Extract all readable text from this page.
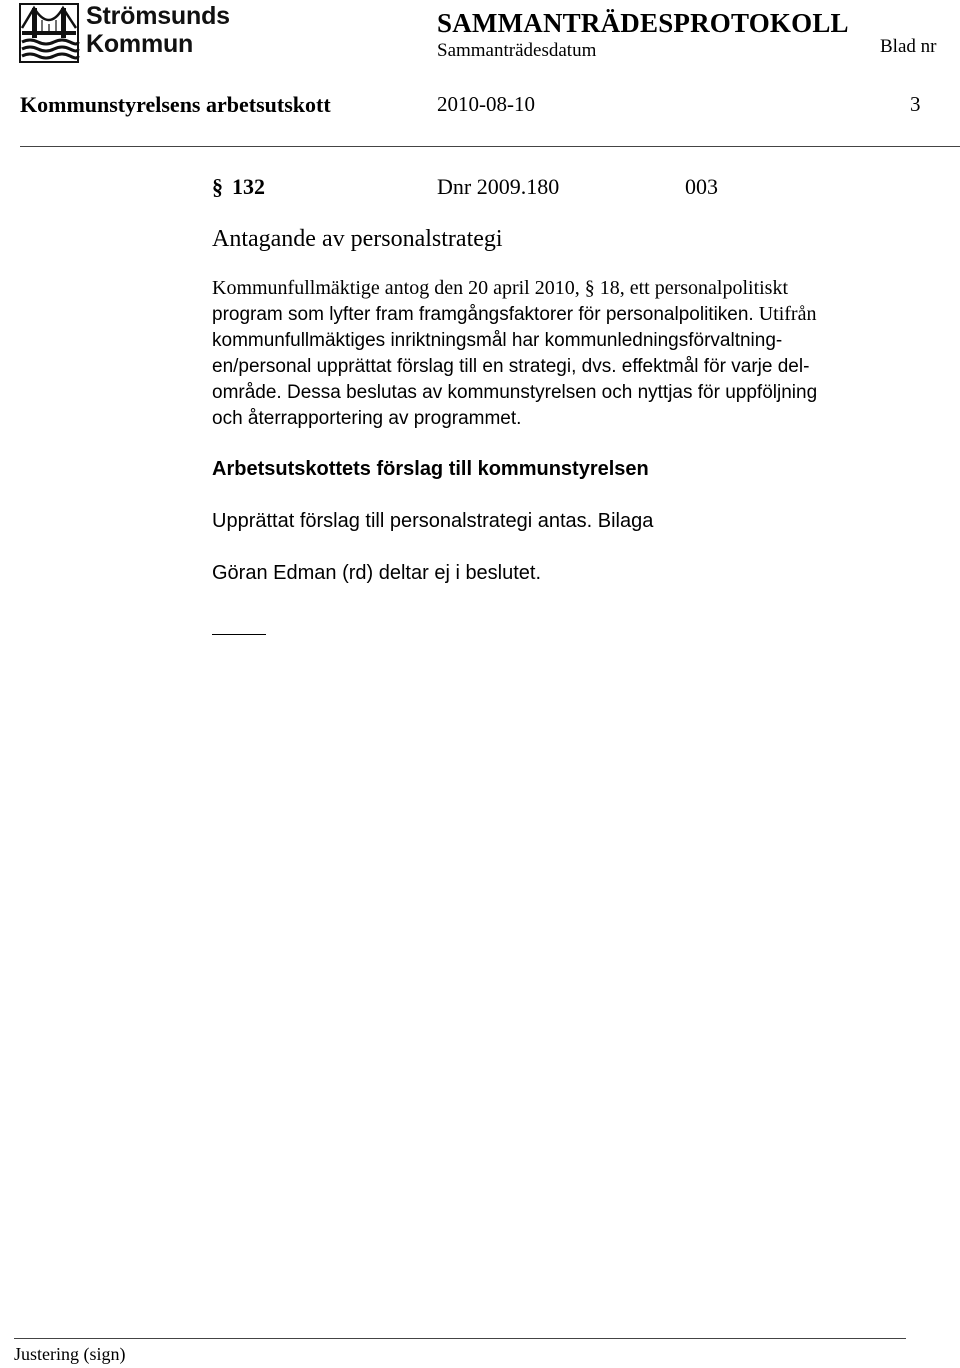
Strömsunds
Kommun
SAMMANTRÄDESPROTOKOLL
Sammanträdesdatum	Blad nr
Kommunstyrelsens arbetsutskott	2010-08-10	3
§ 132	Dnr 2009.180	003
Antagande av personalstrategi
Kommunfullmäktige antog den 20 april 2010, § 18, ett personalpolitiskt
program som lyfter fram framgångsfaktorer för personalpolitiken. Utifrån
kommunfullmäktiges inriktningsmål har kommunledningsförvaltning-
en/personal upprättat förslag till en strategi, dvs. effektmål för varje del-
område. Dessa beslutas av kommunstyrelsen och nyttjas för uppföljning
och återrapportering av programmet.
Arbetsutskottets förslag till kommunstyrelsen
Upprättat förslag till personalstrategi antas. Bilaga
Göran Edman (rd) deltar ej i beslutet.
Justering (sign)
